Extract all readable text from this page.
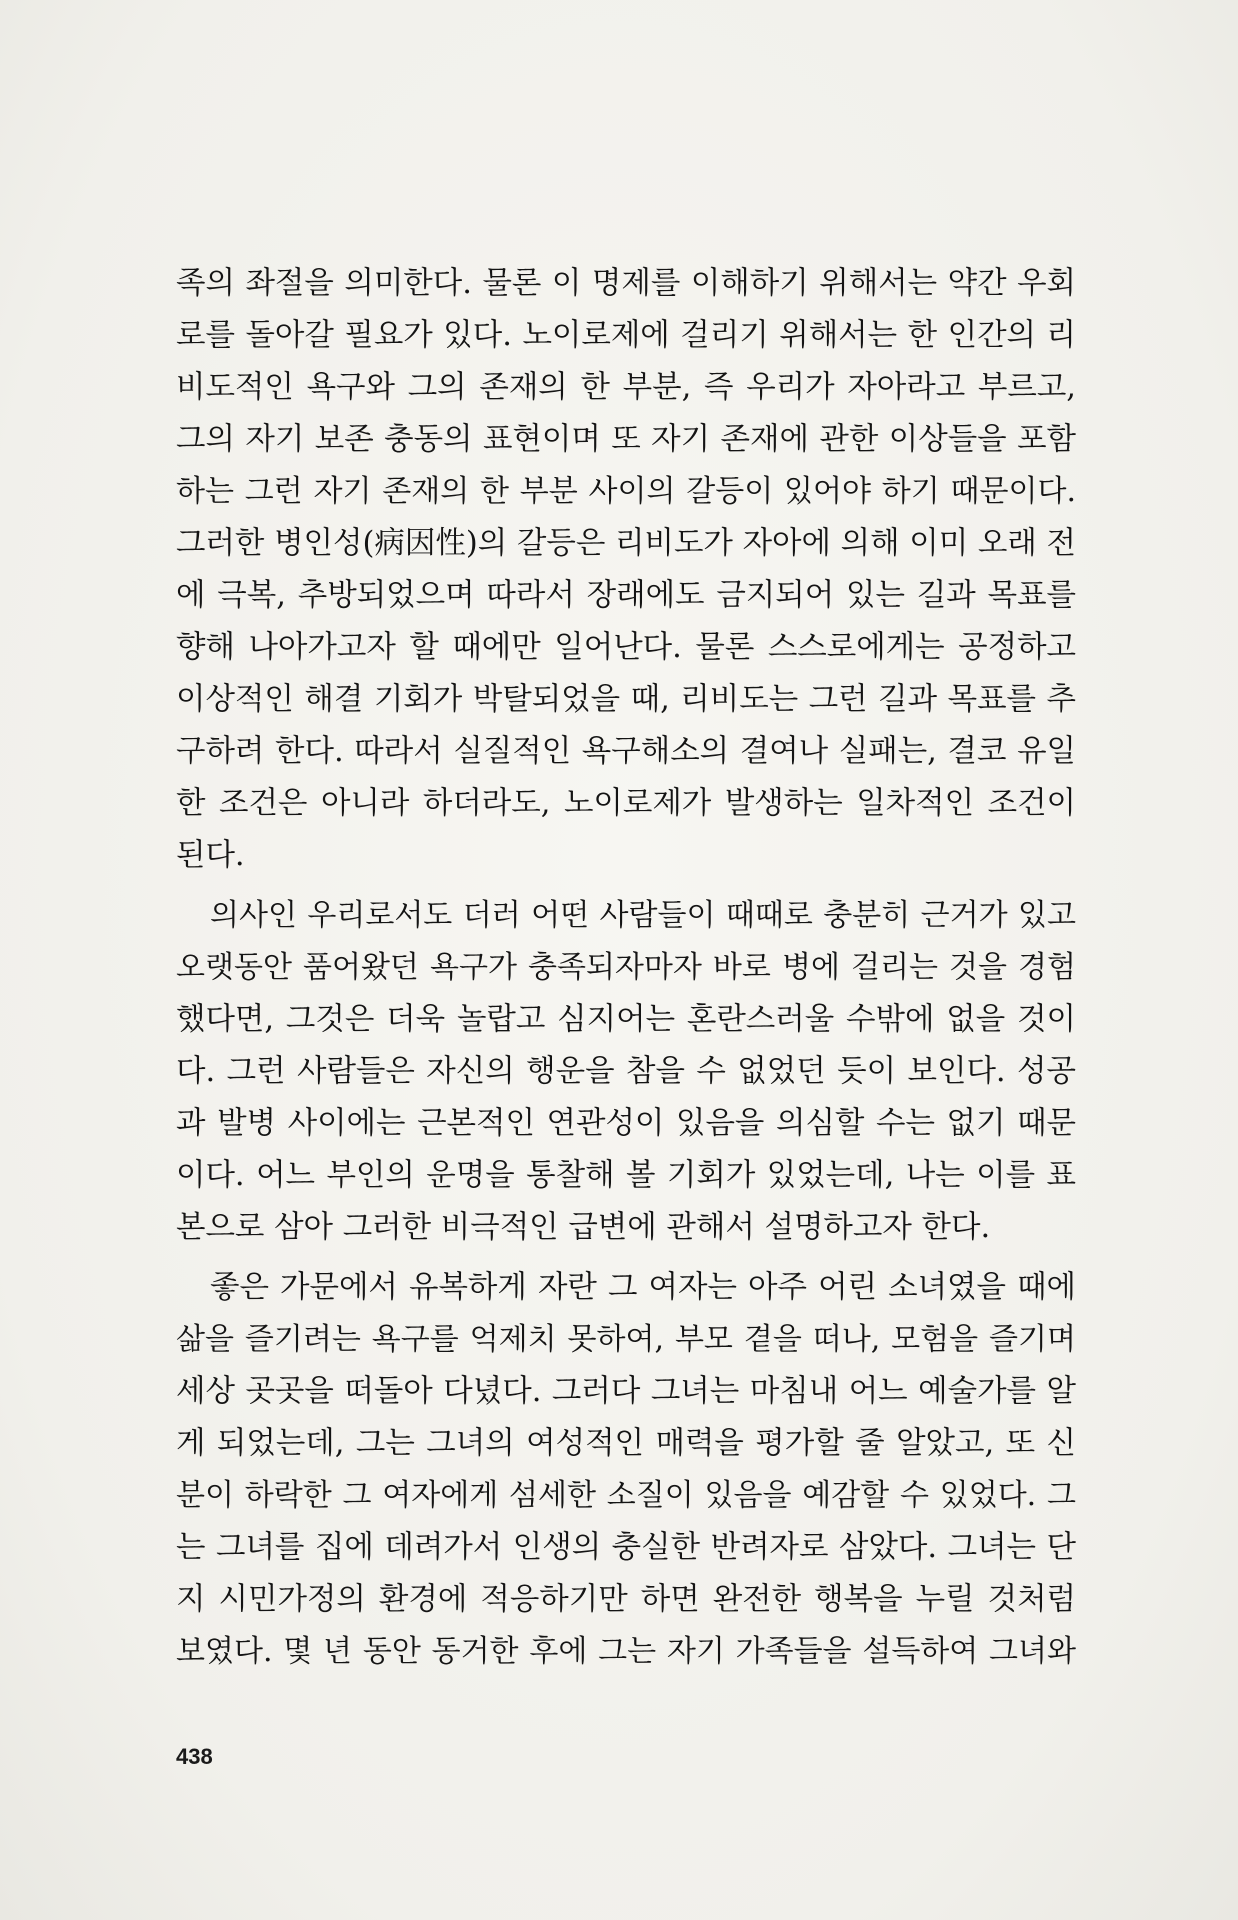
족의 좌절을 의미한다. 물론 이 명제를 이해하기 위해서는 약간 우회
로를 돌아갈 필요가 있다. 노이로제에 걸리기 위해서는 한 인간의 리
비도적인 욕구와 그의 존재의 한 부분, 즉 우리가 자아라고 부르고,
그의 자기 보존 충동의 표현이며 또 자기 존재에 관한 이상들을 포함
하는 그런 자기 존재의 한 부분 사이의 갈등이 있어야 하기 때문이다.
그러한 병인성(病因性)의 갈등은 리비도가 자아에 의해 이미 오래 전
에 극복, 추방되었으며 따라서 장래에도 금지되어 있는 길과 목표를
향해 나아가고자 할 때에만 일어난다. 물론 스스로에게는 공정하고
이상적인 해결 기회가 박탈되었을 때, 리비도는 그런 길과 목표를 추
구하려 한다. 따라서 실질적인 욕구해소의 결여나 실패는, 결코 유일
한 조건은 아니라 하더라도, 노이로제가 발생하는 일차적인 조건이
된다.
의사인 우리로서도 더러 어떤 사람들이 때때로 충분히 근거가 있고
오랫동안 품어왔던 욕구가 충족되자마자 바로 병에 걸리는 것을 경험
했다면, 그것은 더욱 놀랍고 심지어는 혼란스러울 수밖에 없을 것이
다. 그런 사람들은 자신의 행운을 참을 수 없었던 듯이 보인다. 성공
과 발병 사이에는 근본적인 연관성이 있음을 의심할 수는 없기 때문
이다. 어느 부인의 운명을 통찰해 볼 기회가 있었는데, 나는 이를 표
본으로 삼아 그러한 비극적인 급변에 관해서 설명하고자 한다.
좋은 가문에서 유복하게 자란 그 여자는 아주 어린 소녀였을 때에
삶을 즐기려는 욕구를 억제치 못하여, 부모 곁을 떠나, 모험을 즐기며
세상 곳곳을 떠돌아 다녔다. 그러다 그녀는 마침내 어느 예술가를 알
게 되었는데, 그는 그녀의 여성적인 매력을 평가할 줄 알았고, 또 신
분이 하락한 그 여자에게 섬세한 소질이 있음을 예감할 수 있었다. 그
는 그녀를 집에 데려가서 인생의 충실한 반려자로 삼았다. 그녀는 단
지 시민가정의 환경에 적응하기만 하면 완전한 행복을 누릴 것처럼
보였다. 몇 년 동안 동거한 후에 그는 자기 가족들을 설득하여 그녀와
438
